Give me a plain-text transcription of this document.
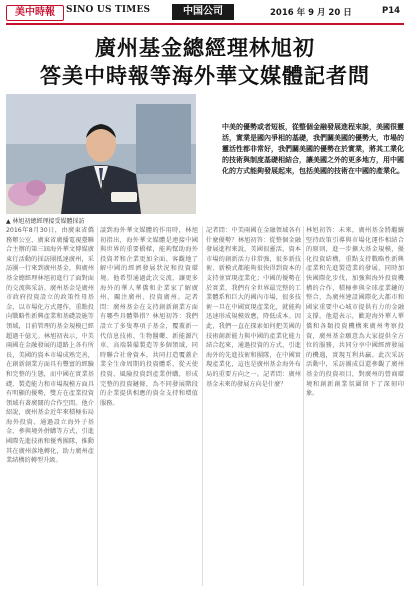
美中時報	SINO US TIMES	中国公司	2016 年 9 月 20 日	P14
廣州基金總經理林旭初
答美中時報等海外華文媒體記者問
▲ 林旭初總經理接受媒體採訪
中美的優勢或者短板，從整個金融發展進程來說，美國很靈活，實業是國內爭相的基礎，我們關美國的優勢大，市場的靈活性都非常好，我們關美國的優勢在於實業，將其工業化的技術與制度基礎相結合，讓美國之外的更多地方，用中國化的方式能夠發展起來，包括美國的技術在中國的產業化。
2016年8月30日，由廣東省僑務辦公室、廣東省廣播電視臺聯合主辦的第三屆海外華文傳媒廣東行活動的採訪團抵達廣州，采訪團一行來到廣州基金，與廣州基金總經理林旭初進行了面對面的交流與采訪。廣州基金是廣州市政府投資設立的政策性母基金，以市場化方式運作，重點投向戰略性新興產業和基礎設施等領域，目前管理的基金規模已經超過千億元。林旭初表示，中美兩國在金融發展的道路上各有所長，美國的資本市場成熟完善，在創新創業方面具有豐富的經驗和完整的生態，而中國在實業基礎、製造能力和市場規模方面具有明顯的優勢，雙方在產業投資領域有著廣闊的合作空間。他介紹說，廣州基金近年來積極布局海外投資，通過設立海外子基金、參與境外併購等方式，引進國際先進技術和優秀團隊，推動其在廣州落地轉化，助力廣州產業結構的轉型升級。
談到海外華文媒體的作用時，林旭初指出，海外華文媒體是連接中國與世界的重要橋樑，能夠幫助海外投資者和企業更加全面、客觀地了解中國的經濟發展狀況和投資環境。他希望通過此次交流，讓更多海外的華人華僑和企業家了解廣州、關注廣州、投資廣州。記者問：廣州基金在支持創新創業方面有哪些具體舉措？林旭初答：我們設立了多隻專項子基金，覆蓋新一代信息技術、生物醫藥、新能源汽車、高端裝備製造等多個領域，同時聯合社會資本，共同打造覆蓋企業全生命周期的投資體系，從天使投資、風險投資到產業併購，形成完整的投資鏈條，為不同發展階段的企業提供相應的資金支持和增值服務。
記者問：中美兩國在金融領域各有什麼優勢？林旭初答：從整個金融發展進程來說，美國很靈活，資本市場的創新活力非常強，很多新技術、新模式都能夠很快得到資本的支持並實現產業化；中國的優勢在於實業，我們有全世界最完整的工業體系和巨大的國內市場，很多技術一旦在中國實現產業化，就能夠迅速形成規模效應，降低成本。因此，我們一直在探索如何把美國的技術創新能力與中國的產業化能力結合起來，通過投資的方式，引進海外的先進技術和團隊，在中國實現產業化，這也是廣州基金海外布局的重要方向之一。記者問：廣州基金未來的發展方向是什麼？
林旭初答：未來，廣州基金將繼續堅持政策引導與市場化運作相結合的原則，進一步擴大基金規模，優化投資結構，重點支持戰略性新興產業和先進製造業的發展，同時加快國際化步伐，加強與海外投資機構的合作，積極參與全球產業鏈的整合，為廣州建設國際化大都市和國家重要中心城市提供有力的金融支撐。他還表示，歡迎海外華人華僑和各類投資機構來廣州考察投資，廣州基金願意為大家提供全方位的服務，共同分享中國經濟發展的機遇，實現互利共贏。此次采訪活動中，采訪團成員還參觀了廣州基金的投資項目，對廣州的營商環境和創新創業氛圍留下了深刻印象。
